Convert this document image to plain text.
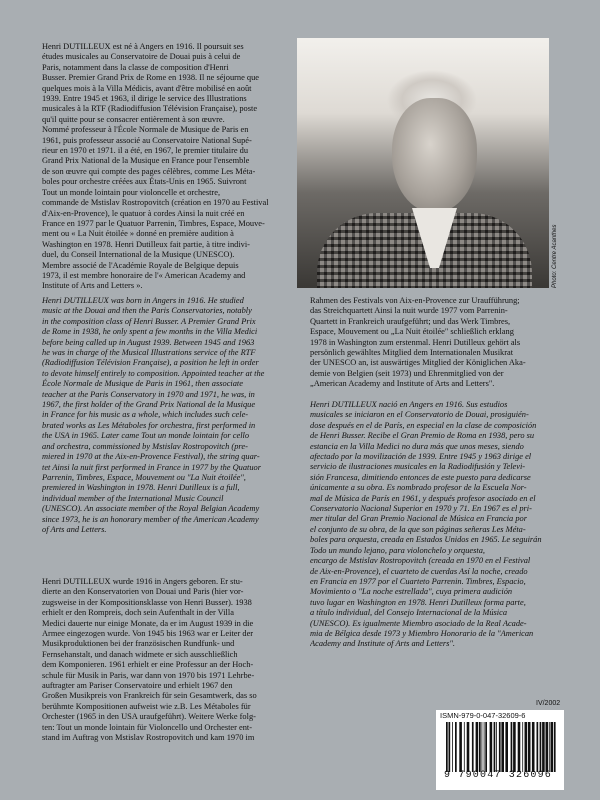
Henri DUTILLEUX est né à Angers en 1916. Il poursuit ses
études musicales au Conservatoire de Douai puis à celui de
Paris, notamment dans la classe de composition d'Henri
Busser. Premier Grand Prix de Rome en 1938. Il ne séjourne que
quelques mois à la Villa Médicis, avant d'être mobilisé en août
1939. Entre 1945 et 1963, il dirige le service des Illustrations
musicales à la RTF (Radiodiffusion Télévision Française), poste
qu'il quitte pour se consacrer entièrement à son œuvre.
Nommé professeur à l'École Normale de Musique de Paris en
1961, puis professeur associé au Conservatoire National Supé-
rieur en 1970 et 1971. il a été, en 1967, le premier titulaire du
Grand Prix National de la Musique en France pour l'ensemble
de son œuvre qui compte des pages célèbres, comme Les Méta-
boles pour orchestre créées aux États-Unis en 1965. Suivront
Tout un monde lointain pour violoncelle et orchestre,
commande de Mstislav Rostropovitch (création en 1970 au Festival
d'Aix-en-Provence), le quatuor à cordes Ainsi la nuit créé en
France en 1977 par le Quatuor Parrenin, Timbres, Espace, Mouve-
ment ou « La Nuit étoilée » donné en première audition à
Washington en 1978. Henri Dutilleux fait partie, à titre indivi-
duel, du Conseil International de la Musique (UNESCO).
Membre associé de l'Académie Royale de Belgique depuis
1973, il est membre honoraire de l'« American Academy and
Institute of Arts and Letters ».	Photo: Centre Acanthes
Henri DUTILLEUX was born in Angers in 1916. He studied
music at the Douai and then the Paris Conservatories, notably
in the composition class of Henri Busser. A Premier Grand Prix
de Rome in 1938, he only spent a few months in the Villa Medici
before being called up in August 1939. Between 1945 and 1963
he was in charge of the Musical Illustrations service of the RTF
(Radiodiffusion Télévision Française), a position he left in order
to devote himself entirely to composition. Appointed teacher at the
École Normale de Musique de Paris in 1961, then associate
teacher at the Paris Conservatory in 1970 and 1971, he was, in
1967, the first holder of the Grand Prix National de la Musique
in France for his music as a whole, which includes such cele-
brated works as Les Métaboles for orchestra, first performed in
the USA in 1965. Later came Tout un monde lointain for cello
and orchestra, commissioned by Mstislav Rostropovitch (pre-
miered in 1970 at the Aix-en-Provence Festival), the string quar-
tet Ainsi la nuit first performed in France in 1977 by the Quatuor
Parrenin, Timbres, Espace, Mouvement ou "La Nuit étoilée",
premiered in Washington in 1978. Henri Dutilleux is a full,
individual member of the International Music Council
(UNESCO). An associate member of the Royal Belgian Academy
since 1973, he is an honorary member of the American Academy
of Arts and Letters.
Henri DUTILLEUX wurde 1916 in Angers geboren. Er stu-
dierte an den Konservatorien von Douai und Paris (hier vor-
zugsweise in der Kompositionsklasse von Henri Busser). 1938
erhielt er den Rompreis, doch sein Aufenthalt in der Villa
Medici dauerte nur einige Monate, da er im August 1939 in die
Armee eingezogen wurde. Von 1945 bis 1963 war er Leiter der
Musikproduktionen bei der französischen Rundfunk- und
Fernsehanstalt, und danach widmete er sich ausschließlich
dem Komponieren. 1961 erhielt er eine Professur an der Hoch-
schule für Musik in Paris, war dann von 1970 bis 1971 Lehrbe-
auftragter am Pariser Conservatoire und erhielt 1967 den
Großen Musikpreis von Frankreich für sein Gesamtwerk, das so
berühmte Kompositionen aufweist wie z.B. Les Métaboles für
Orchester (1965 in den USA uraufgeführt). Weitere Werke folg-
ten: Tout un monde lointain für Violoncello und Orchester ent-
stand im Auftrag von Mstislav Rostropovitch und kam 1970 im
Rahmen des Festivals von Aix-en-Provence zur Uraufführung;
das Streichquartett Ainsi la nuit wurde 1977 vom Parrenin-
Quartett in Frankreich uraufgeführt; und das Werk Timbres,
Espace, Mouvement ou „La Nuit étoilée" schließlich erklang
1978 in Washington zum erstenmal. Henri Dutilleux gehört als
persönlich gewähltes Mitglied dem Internationalen Musikrat
der UNESCO an, ist auswärtiges Mitglied der Königlichen Aka-
demie von Belgien (seit 1973) und Ehrenmitglied von der
„American Academy and Institute of Arts and Letters".
Henri DUTILLEUX nació en Angers en 1916. Sus estudios
musicales se iniciaron en el Conservatorio de Douai, prosiguién-
dose después en el de París, en especial en la clase de composición
de Henri Busser. Recibe el Gran Premio de Roma en 1938, pero su
estancia en la Villa Medici no dura más que unos meses, siendo
afectado por la movilización de 1939. Entre 1945 y 1963 dirige el
servicio de ilustraciones musicales en la Radiodifusión y Televi-
sión Francesa, dimitiendo entonces de este puesto para dedicarse
únicamente a su obra. Es nombrado profesor de la Escuela Nor-
mal de Música de París en 1961, y después profesor asociado en el
Conservatorio Nacional Superior en 1970 y 71. En 1967 es el pri-
mer titular del Gran Premio Nacional de Música en Francia por
el conjunto de su obra, de la que son páginas señeras Les Méta-
boles para orquesta, creada en Estados Unidos en 1965. Le seguirán
Todo un mundo lejano, para violonchelo y orquesta,
encargo de Mstislav Rostropovitch (creada en 1970 en el Festival
de Aix-en-Provence), el cuarteto de cuerdas Así la noche, creado
en Francia en 1977 por el Cuarteto Parrenin. Timbres, Espacio,
Movimiento o "La noche estrellada", cuya primera audición
tuvo lugar en Washington en 1978. Henri Dutilleux forma parte,
a título individual, del Consejo Internacional de la Música
(UNESCO). Es igualmente Miembro asociado de la Real Acade-
mia de Bélgica desde 1973 y Miembro Honorario de la "American
Academy and Institute of Arts and Letters".
IV/2002
ISMN-979-0-047-32609-6
9 790047 326096
